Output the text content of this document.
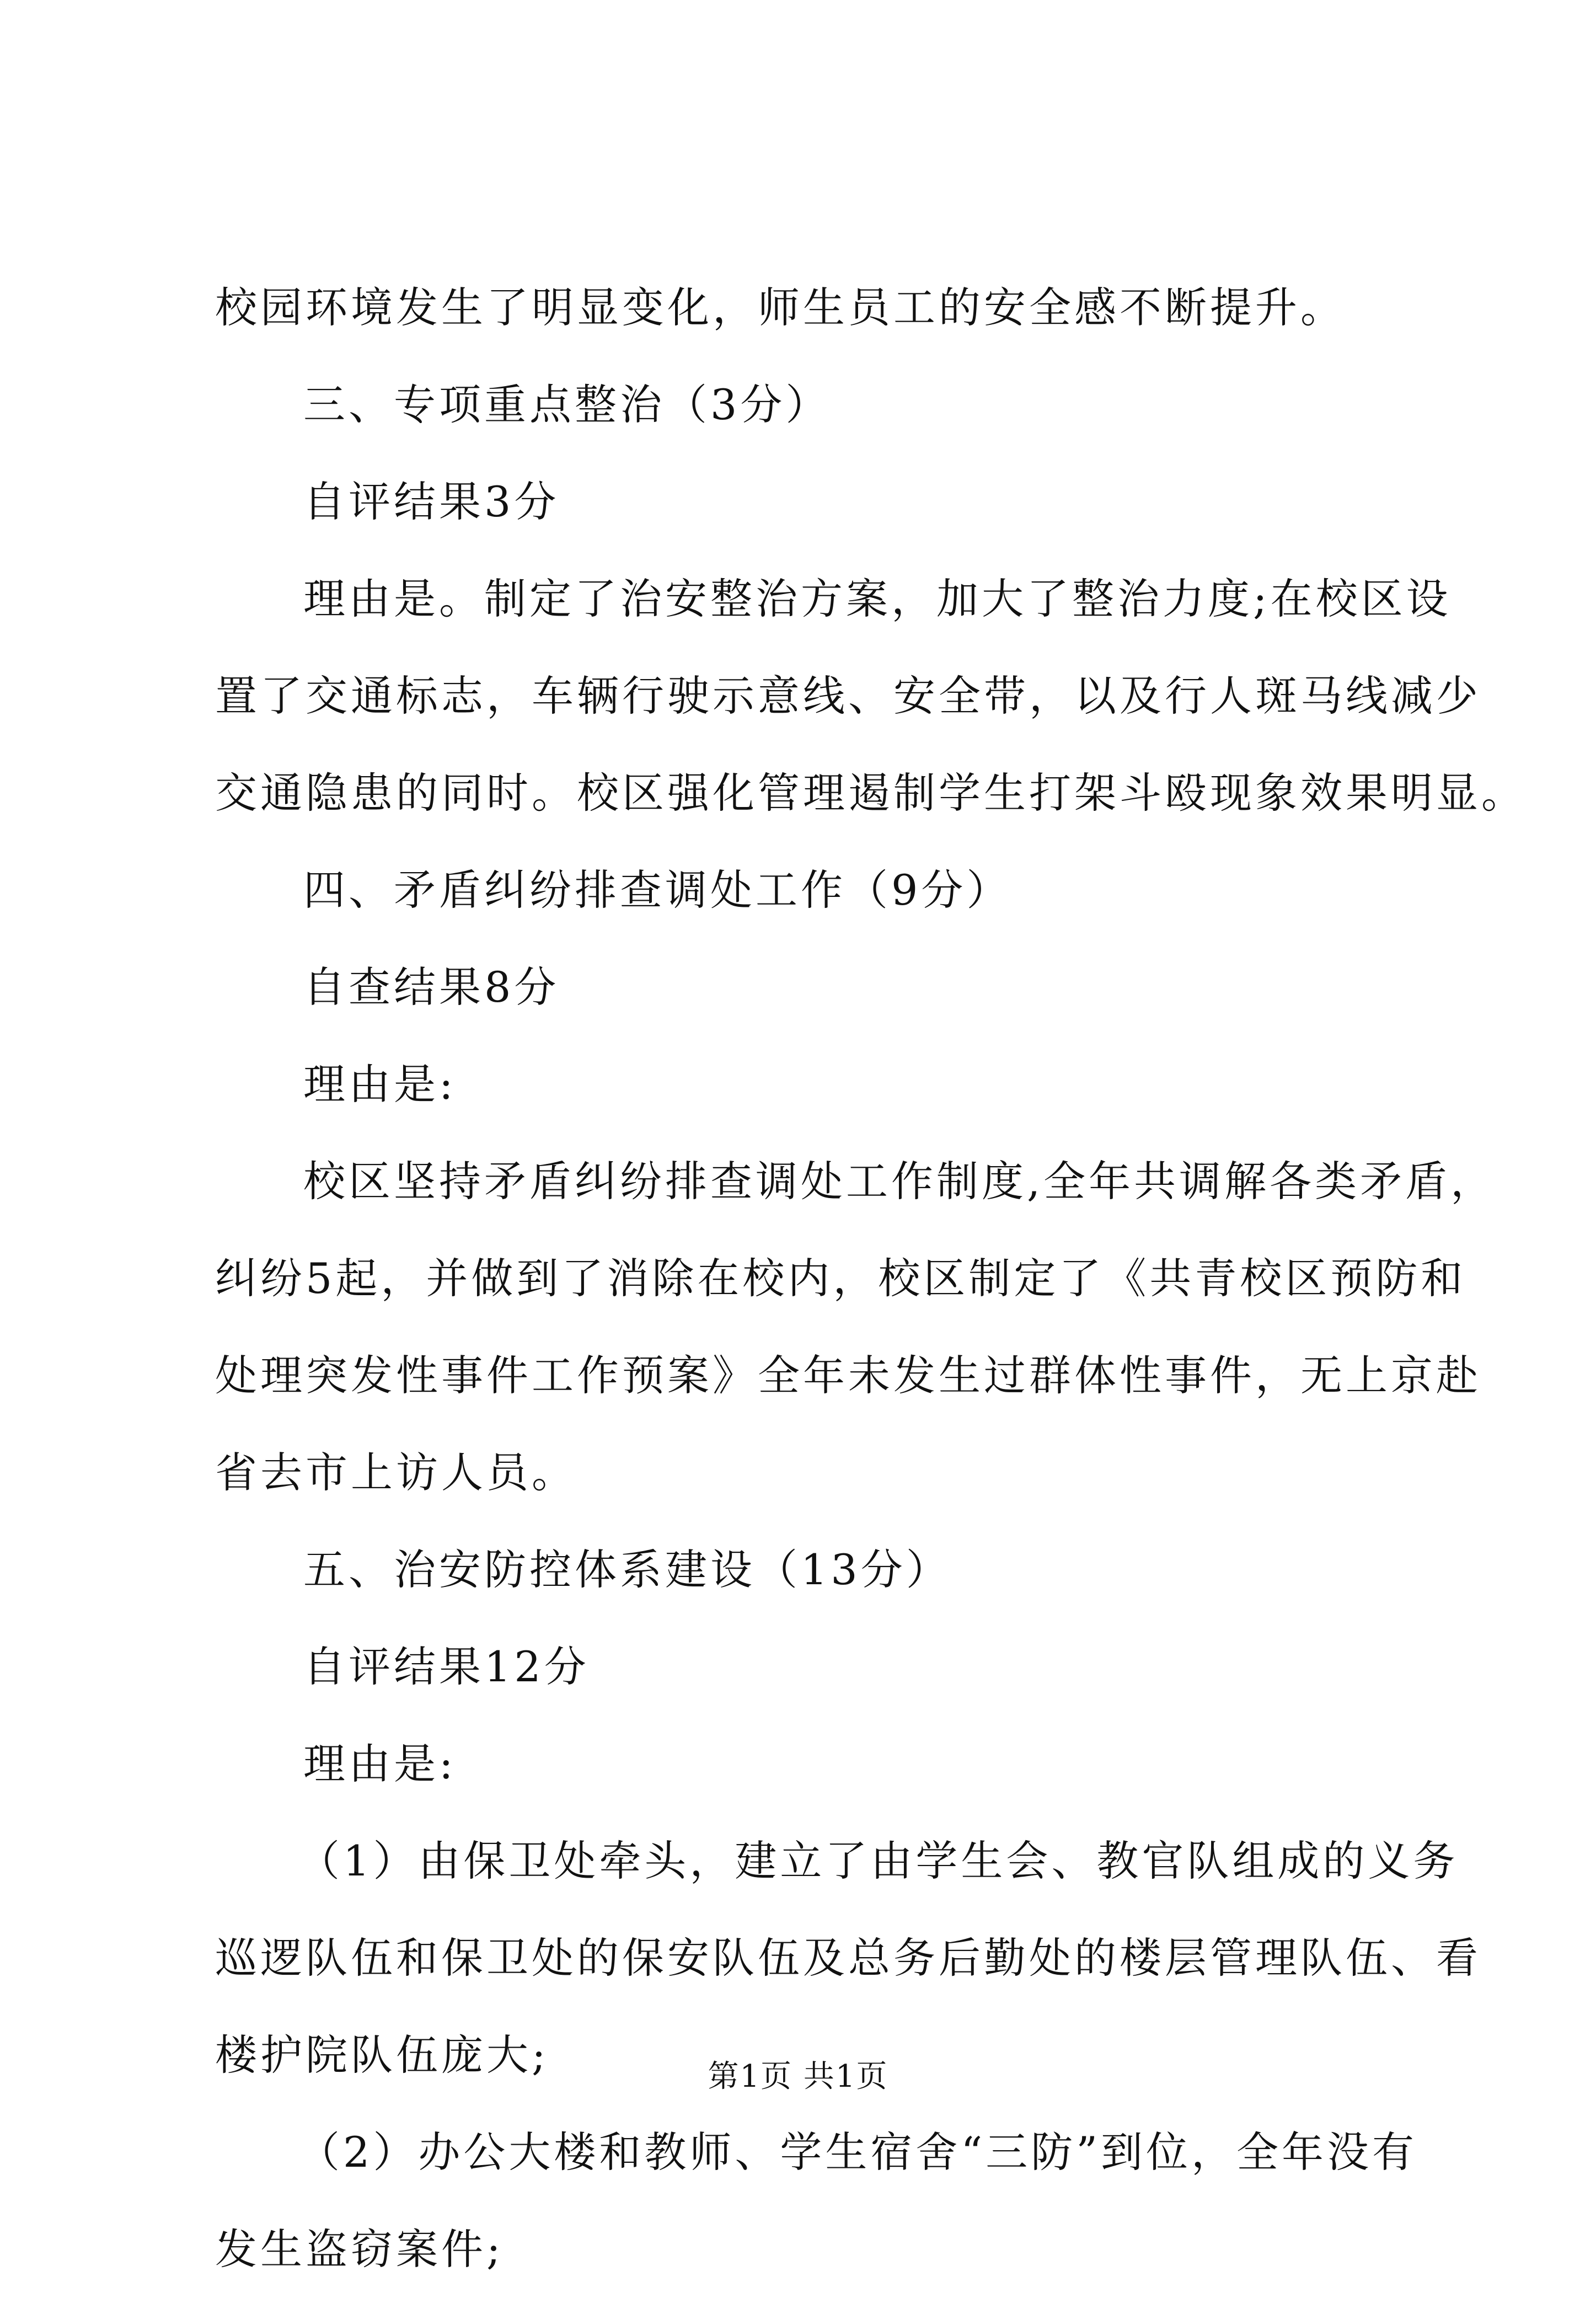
校园环境发生了明显变化，师生员工的安全感不断提升。
三、专项重点整治（3分）
自评结果3分
理由是。制定了治安整治方案，加大了整治力度;在校区设
置了交通标志，车辆行驶示意线、安全带，以及行人斑马线减少
交通隐患的同时。校区强化管理遏制学生打架斗殴现象效果明显。
四、矛盾纠纷排查调处工作（9分）
自查结果8分
理由是:
校区坚持矛盾纠纷排查调处工作制度,全年共调解各类矛盾，
纠纷5起，并做到了消除在校内，校区制定了《共青校区预防和
处理突发性事件工作预案》全年未发生过群体性事件，无上京赴
省去市上访人员。
五、治安防控体系建设（13分）
自评结果12分
理由是:
（1）由保卫处牵头，建立了由学生会、教官队组成的义务
巡逻队伍和保卫处的保安队伍及总务后勤处的楼层管理队伍、看
楼护院队伍庞大;
（2）办公大楼和教师、学生宿舍“三防”到位，全年没有
发生盗窃案件;
第1页 共1页
